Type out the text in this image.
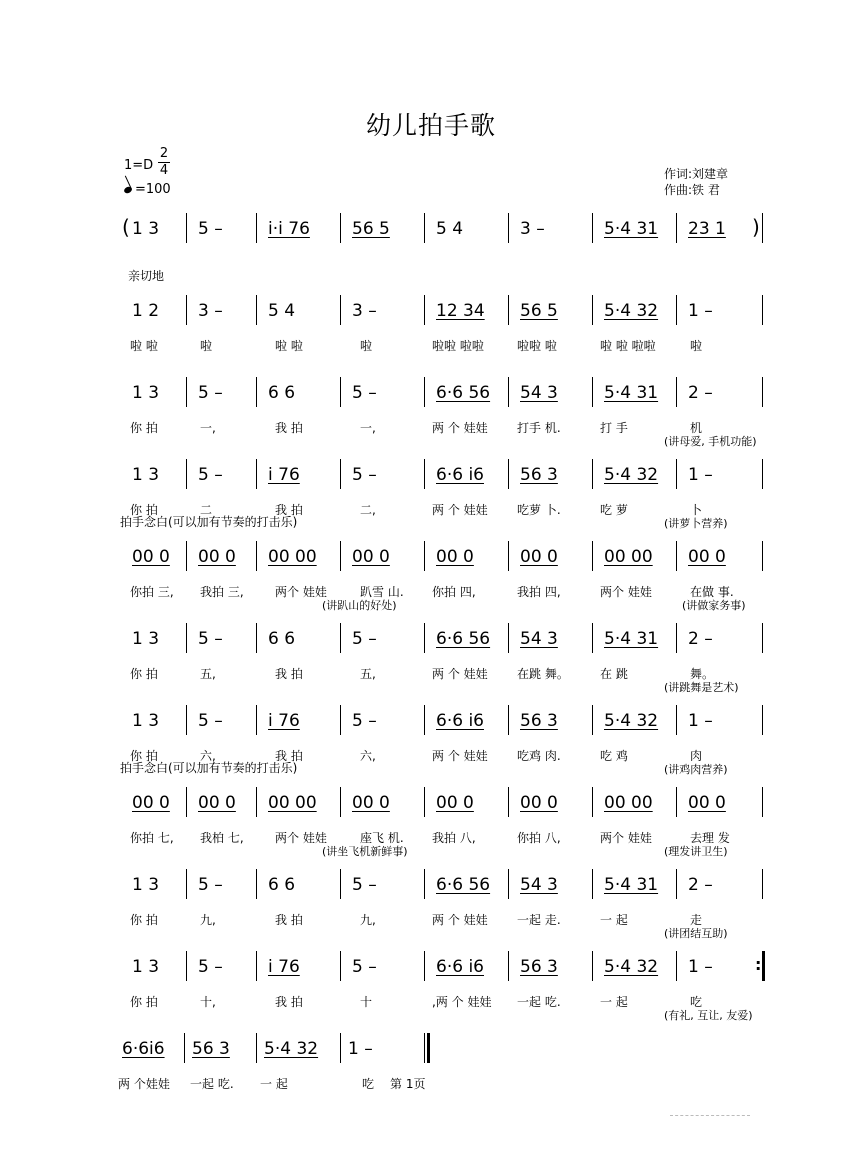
幼儿拍手歌
1=D
2
4
=100
作词:刘建章
作曲:铁 君
(	)
1 3 5 –	i·i 76 56 5	5 4	3 –	5·4 31 23 1
亲切地
1 2 3 –	5 4	3 –	12 34 56 5	5·4 32 1 –
啦 啦	啦	啦 啦	啦	啦啦 啦啦	啦啦 啦	啦 啦 啦啦	啦
1 3 5 –	6 6	5 –	6·6 56 54 3	5·4 31 2 –
你 拍	一,	我 拍	一,	两 个 娃娃 打手 机.	打 手	机
(讲母爱, 手机功能)
1 3 5 –	i 76	5 –	6·6 i6 56 3	5·4 32 1 –
你 拍	二	我 拍	二,	两 个 娃娃 吃萝 卜.	吃 萝	卜
(讲萝卜营养)
拍手念白(可以加有节奏的打击乐)
00 0 00 0 00 00 00 0	00 0	00 0	00 00 00 0
你拍 三, 我拍 三,	两个 娃娃	趴雪 山. 你拍 四,	我拍 四,	两个 娃娃	在做 事.
(讲趴山的好处)	(讲做家务事)
1 3 5 –	6 6	5 –	6·6 56 54 3	5·4 31 2 –
你 拍	五,	我 拍	五,	两 个 娃娃 在跳 舞。	在 跳	舞。
(讲跳舞是艺术)
1 3 5 –	i 76	5 –	6·6 i6 56 3	5·4 32 1 –
你 拍	六,	我 拍	六,	两 个 娃娃 吃鸡 肉.	吃 鸡	肉
(讲鸡肉营养)
拍手念白(可以加有节奏的打击乐)
00 0 00 0 00 00 00 0	00 0	00 0	00 00 00 0
你拍 七, 我柏 七,	两个 娃娃	座飞 机. 我拍 八,	你拍 八,	两个 娃娃	去理 发
(讲坐飞机新鲜事)	(理发讲卫生)
1 3 5 –	6 6	5 –	6·6 56 54 3	5·4 31 2 –
你 拍	九,	我 拍	九,	两 个 娃娃 一起 走.	一 起	走
(讲团结互助)
1 3 5 –	i 76	5 –	6·6 i6 56 3	5·4 32 1 –	:
你 拍	十,	我 拍	十	,两 个 娃娃 一起 吃.	一 起	吃
(有礼, 互让, 友爱)
6·6i6 56 3 5·4 32 1 –
两 个娃娃 一起 吃. 一 起	吃 第 1页
